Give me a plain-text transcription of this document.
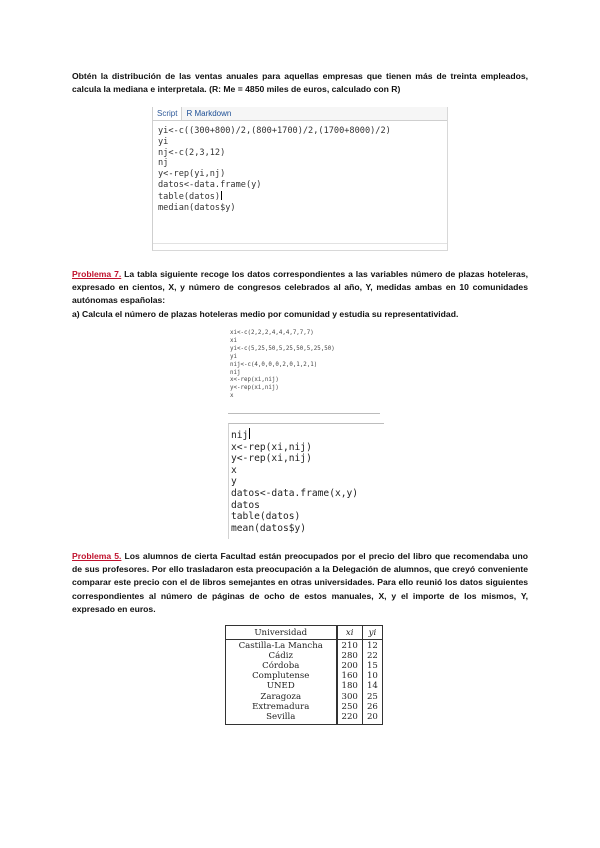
Obtén la distribución de las ventas anuales para aquellas empresas que tienen más de treinta empleados, calcula la mediana e interpretala. (R: Me = 4850 miles de euros, calculado con R)

Script	R Markdown
yi<-c((300+800)/2,(800+1700)/2,(1700+8000)/2)
yi
nj<-c(2,3,12)
nj
y<-rep(yi,nj)
datos<-data.frame(y)
table(datos)
median(datos$y)

Problema 7. La tabla siguiente recoge los datos correspondientes a las variables número de plazas hoteleras, expresado en cientos, X, y número de congresos celebrados al año, Y, medidas ambas en 10 comunidades autónomas españolas:
a) Calcula el número de plazas hoteleras medio por comunidad y estudia su representatividad.

xi<-c(2,2,2,4,4,4,7,7,7)
xi
yi<-c(5,25,50,5,25,50,5,25,50)
yi
nij<-c(4,0,0,0,2,0,1,2,1)
nij
x<-rep(xi,nij)
y<-rep(xi,nij)
x
nij
x<-rep(xi,nij)
y<-rep(xi,nij)
x
y
datos<-data.frame(x,y)
datos
table(datos)
mean(datos$y)

Problema 5. Los alumnos de cierta Facultad están preocupados por el precio del libro que recomendaba uno de sus profesores. Por ello trasladaron esta preocupación a la Delegación de alumnos, que creyó conveniente comparar este precio con el de libros semejantes en otras universidades. Para ello reunió los datos siguientes correspondientes al número de páginas de ocho de estos manuales, X, y el importe de los mismos, Y, expresado en euros.

Universidad	xi	yi
Castilla-La Mancha	210	12
Cádiz	280	22
Córdoba	200	15
Complutense	160	10
UNED	180	14
Zaragoza	300	25
Extremadura	250	26
Sevilla	220	20
